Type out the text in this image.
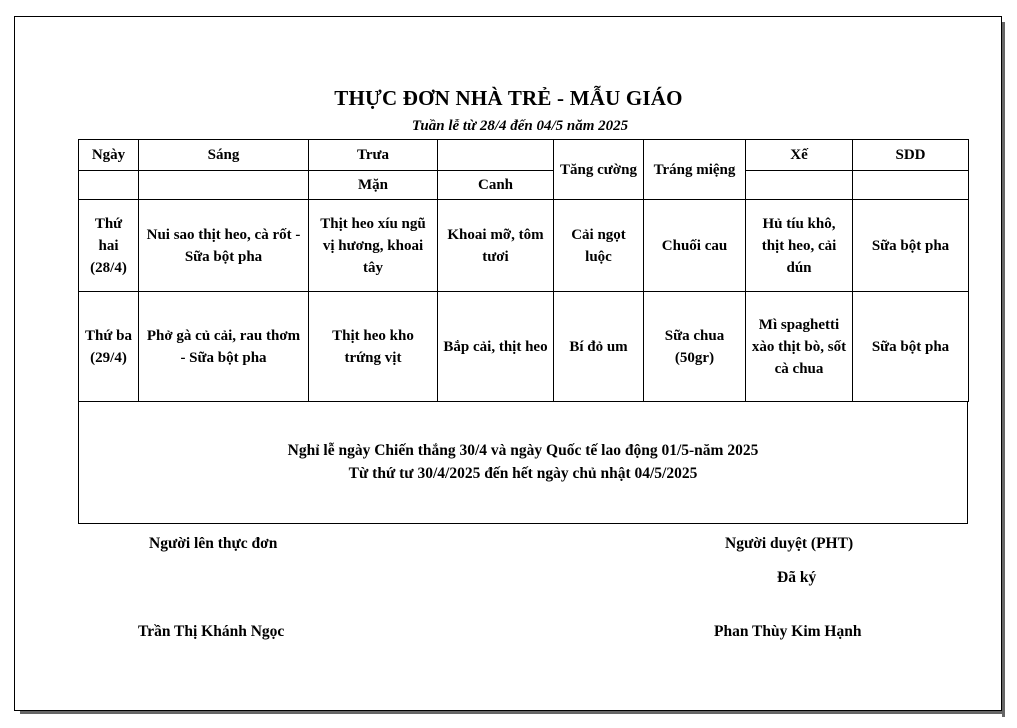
THỰC ĐƠN NHÀ TRẺ - MẪU GIÁO
Tuần lễ từ 28/4 đến 04/5 năm 2025
Ngày	Sáng	Trưa		Tăng cường	Tráng miệng	Xế	SDD
		Mặn	Canh				
Thứ hai (28/4)	Nui sao thịt heo, cà rốt - Sữa bột pha	Thịt heo xíu ngũ vị hương, khoai tây	Khoai mỡ, tôm tươi	Cải ngọt luộc	Chuối cau	Hủ tíu khô, thịt heo, cải dún	Sữa bột pha
Thứ ba (29/4)	Phở gà củ cải, rau thơm - Sữa bột pha	Thịt heo kho trứng vịt	Bắp cải, thịt heo	Bí đỏ um	Sữa chua (50gr)	Mì spaghetti xào thịt bò, sốt cà chua	Sữa bột pha
Nghỉ lễ ngày Chiến thắng 30/4 và ngày Quốc tế lao động 01/5-năm 2025
Từ thứ tư 30/4/2025 đến hết ngày chủ nhật 04/5/2025
Người lên thực đơn	Người duyệt (PHT)
Đã ký
Trần Thị Khánh Ngọc	Phan Thùy Kim Hạnh
